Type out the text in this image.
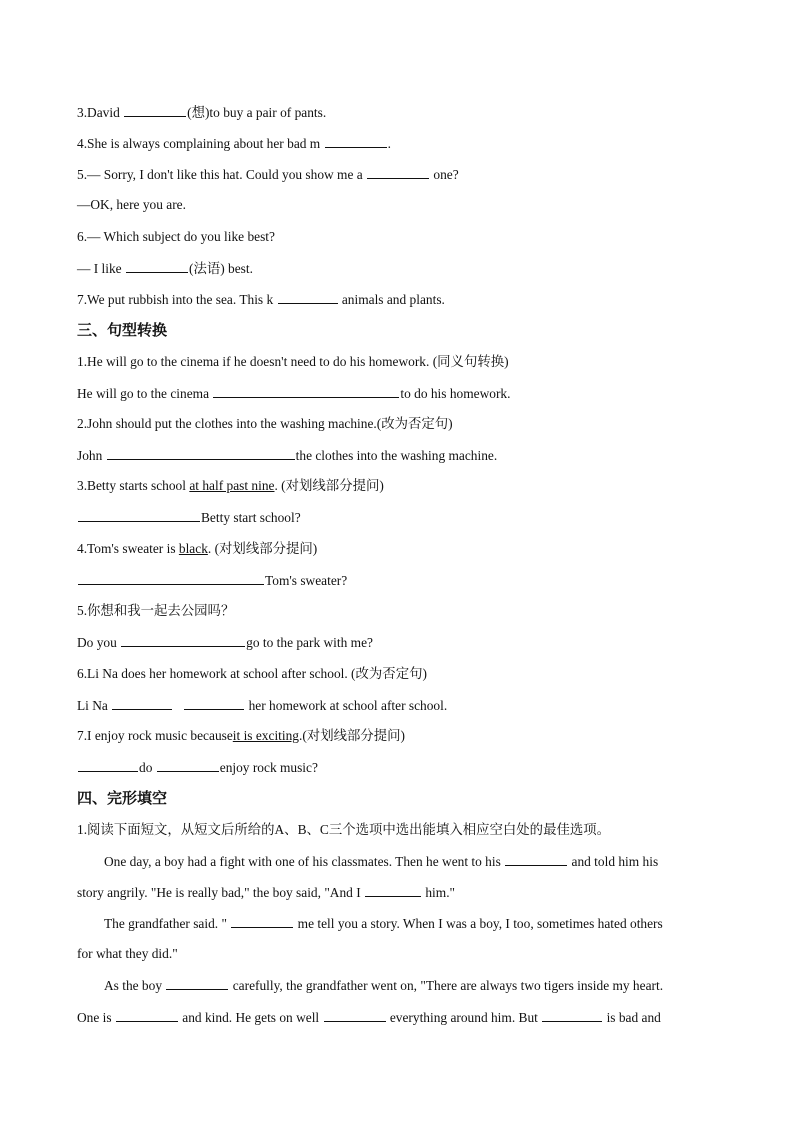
3.David	(想)to buy a pair of pants.
4.She is always complaining about her bad m	.
5.— Sorry, I don't like this hat. Could you show me a	one?
—OK, here you are.
6.— Which subject do you like best?
— I like	(法语) best.
7.We put rubbish into the sea. This k	animals and plants.
三、句型转换
1.He will go to the cinema if he doesn't need to do his homework. (同义句转换)
He will go to the cinema	to do his homework.
2.John should put the clothes into the washing machine.(改为否定句)
John	the clothes into the washing machine.
3.Betty starts school at half past nine. (对划线部分提问)
Betty start school?
4.Tom's sweater is black. (对划线部分提问)
Tom's sweater?
5.你想和我一起去公园吗？
Do you	go to the park with me?
6.Li Na does her homework at school after school. (改为否定句)
Li Na	her homework at school after school.
7.I enjoy rock music becauseit is exciting.(对划线部分提问)
do	enjoy rock music?
四、完形填空
1.阅读下面短文，从短文后所给的A、B、C三个选项中选出能填入相应空白处的最佳选项。
One day, a boy had a fight with one of his classmates. Then he went to his	and told him his
story angrily. "He is really bad," the boy said, "And I	him."
The grandfather said. "	me tell you a story. When I was a boy, I too, sometimes hated others
for what they did."
As the boy	carefully, the grandfather went on, "There are always two tigers inside my heart.
One is	and kind. He gets on well	everything around him. But	is bad and
